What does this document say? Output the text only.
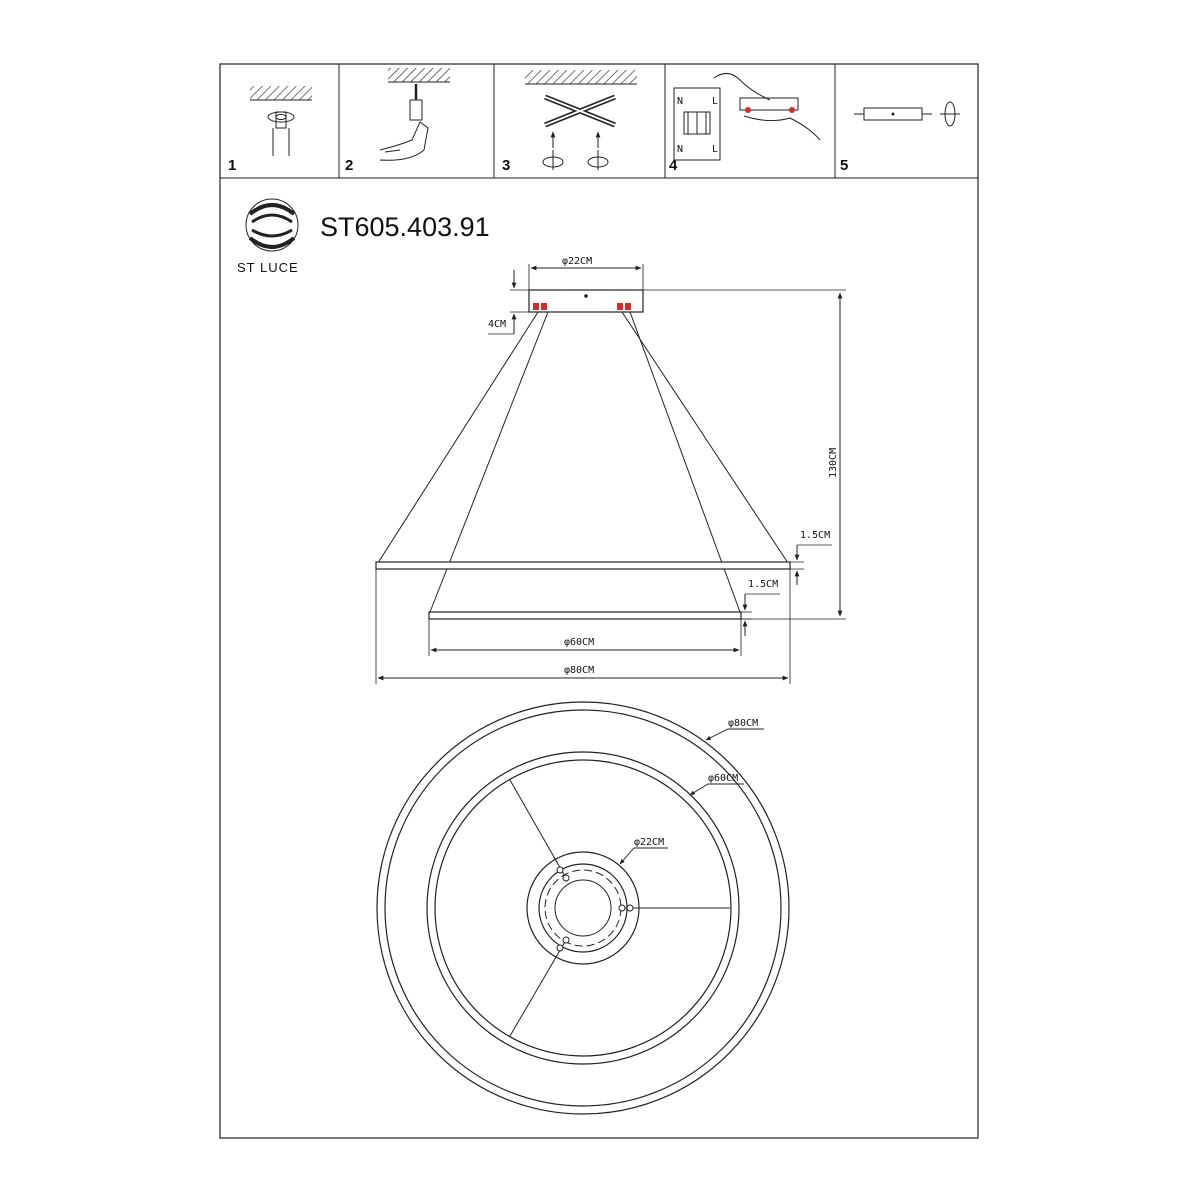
1	2	3	4
N	L
N	L
5
ST LUCE
ST605.403.91
φ22CM
4CM
130CM
1.5CM
1.5CM
φ60CM
φ80CM
φ80CM
φ60CM
φ22CM
